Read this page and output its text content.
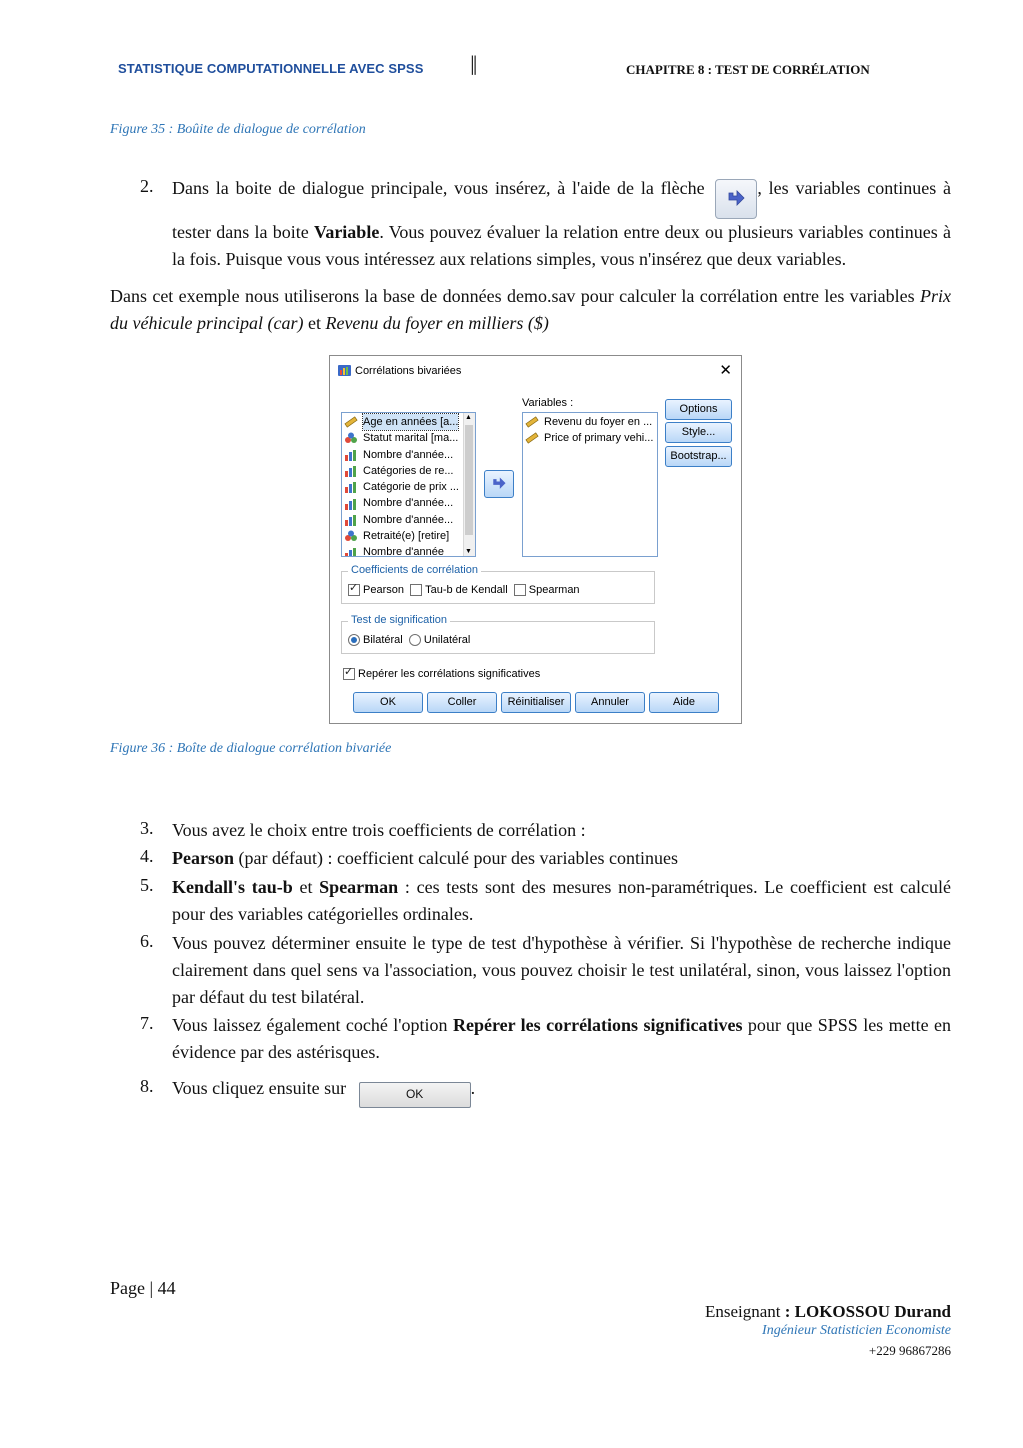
STATISTIQUE COMPUTATIONNELLE AVEC SPSS	║	CHAPITRE 8 : TEST DE CORRÉLATION
Figure 35 : Boûite de dialogue de corrélation
2. Dans la boite de dialogue principale, vous insérez, à l'aide de la flèche	, les variables continues à tester dans la boite Variable. Vous pouvez évaluer la relation entre deux ou plusieurs variables continues à la fois. Puisque vous vous intéressez aux relations simples, vous n'insérez que deux variables.
Dans cet exemple nous utiliserons la base de données demo.sav pour calculer la corrélation entre les variables Prix du véhicule principal (car) et Revenu du foyer en milliers ($)
Corrélations bivariées	✕
Age en années [a...
Statut marital [ma...
Nombre d'année...
Catégories de re...
Catégorie de prix ...
Nombre d'année...
Nombre d'année...
Retraité(e) [retire]
Nombre d'année
▲
▼
Variables :
Revenu du foyer en ...
Price of primary vehi...
Options
Style...
Bootstrap...
Coefficients de corrélation
✓Pearson Tau-b de Kendall Spearman
Test de signification
Bilatéral Unilatéral
✓Repérer les corrélations significatives
OK	Coller	Réinitialiser	Annuler	Aide
Figure 36 : Boîte de dialogue corrélation bivariée
3. Vous avez le choix entre trois coefficients de corrélation :
4. Pearson (par défaut) : coefficient calculé pour des variables continues
5. Kendall's tau-b et Spearman : ces tests sont des mesures non-paramétriques. Le coefficient est calculé pour des variables catégorielles ordinales.
6. Vous pouvez déterminer ensuite le type de test d'hypothèse à vérifier. Si l'hypothèse de recherche indique clairement dans quel sens va l'association, vous pouvez choisir le test unilatéral, sinon, vous laissez l'option par défaut du test bilatéral.
7. Vous laissez également coché l'option Repérer les corrélations significatives pour que SPSS les mette en évidence par des astérisques.
8. Vous cliquez ensuite sur	OK	.
Page | 44
Enseignant : LOKOSSOU Durand
Ingénieur Statisticien Economiste
+229 96867286
